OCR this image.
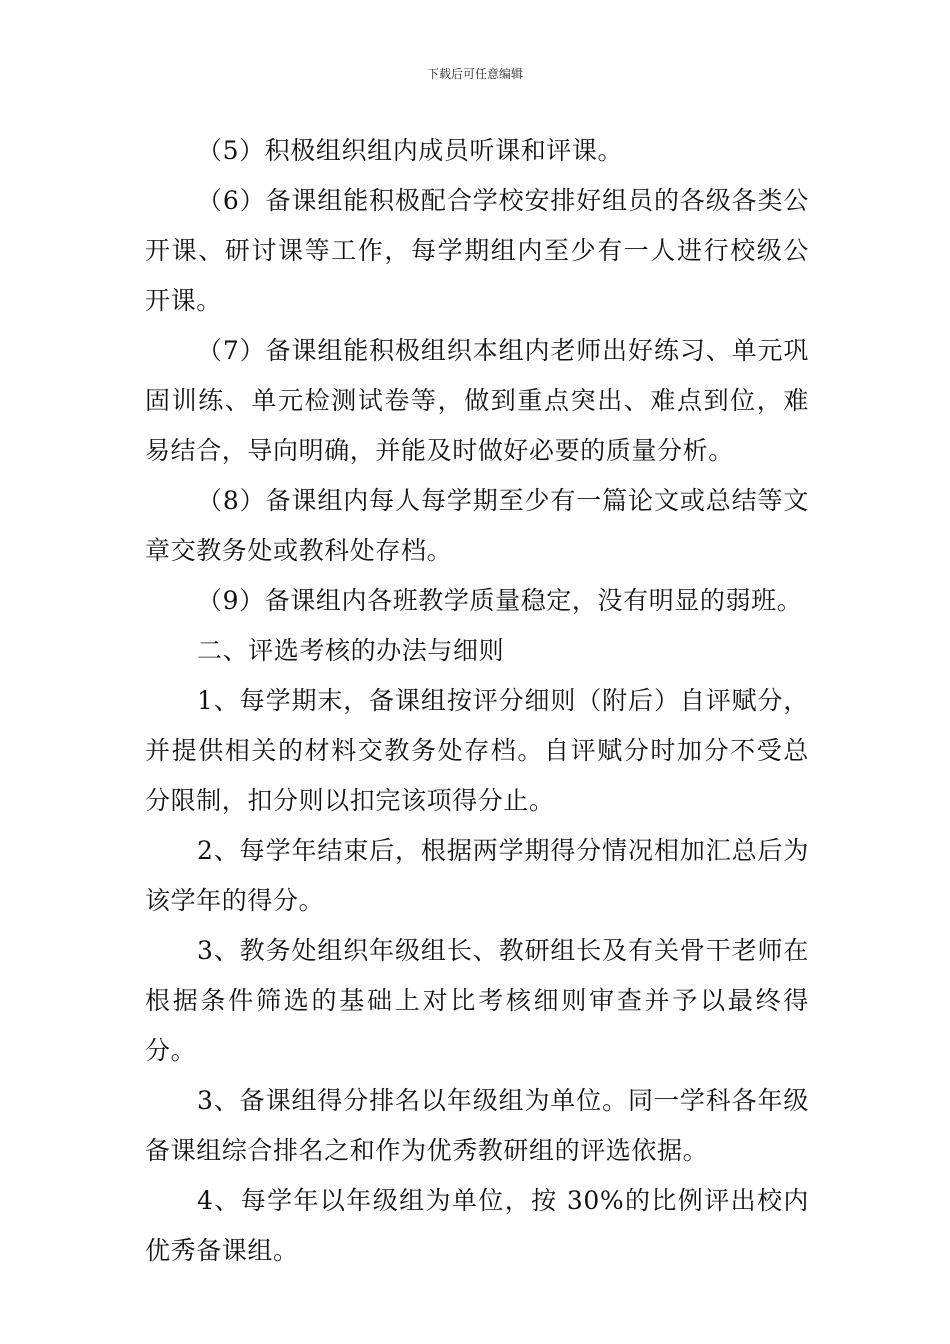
下载后可任意编辑

（5）积极组织组内成员听课和评课。

（6）备课组能积极配合学校安排好组员的各级各类公开课、研讨课等工作，每学期组内至少有一人进行校级公开课。

（7）备课组能积极组织本组内老师出好练习、单元巩固训练、单元检测试卷等，做到重点突出、难点到位，难易结合，导向明确，并能及时做好必要的质量分析。

（8）备课组内每人每学期至少有一篇论文或总结等文章交教务处或教科处存档。

（9）备课组内各班教学质量稳定，没有明显的弱班。

二、评选考核的办法与细则

1、每学期末，备课组按评分细则（附后）自评赋分，并提供相关的材料交教务处存档。自评赋分时加分不受总分限制，扣分则以扣完该项得分止。

2、每学年结束后，根据两学期得分情况相加汇总后为该学年的得分。

3、教务处组织年级组长、教研组长及有关骨干老师在根据条件筛选的基础上对比考核细则审查并予以最终得分。

3、备课组得分排名以年级组为单位。同一学科各年级备课组综合排名之和作为优秀教研组的评选依据。

4、每学年以年级组为单位，按 30%的比例评出校内优秀备课组。
